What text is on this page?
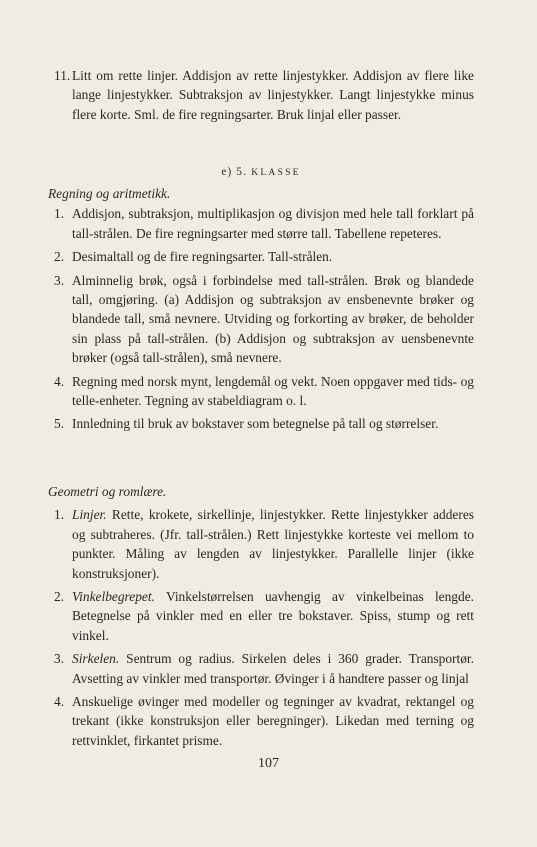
11. Litt om rette linjer. Addisjon av rette linjestykker. Addisjon av flere like lange linjestykker. Subtraksjon av linjestykker. Langt linjestykke minus flere korte. Sml. de fire regningsarter. Bruk linjal eller passer.
e) 5. KLASSE
Regning og aritmetikk.
1. Addisjon, subtraksjon, multiplikasjon og divisjon med hele tall forklart på tall-strålen. De fire regningsarter med større tall. Tabellene repeteres.
2. Desimaltall og de fire regningsarter. Tall-strålen.
3. Alminnelig brøk, også i forbindelse med tall-strålen. Brøk og blandede tall, omgjøring. (a) Addisjon og subtraksjon av ensbenevnte brøker og blandede tall, små nevnere. Utviding og forkorting av brøker, de beholder sin plass på tall-strålen. (b) Addisjon og subtraksjon av uensbenevnte brøker (også tall-strålen), små nevnere.
4. Regning med norsk mynt, lengdemål og vekt. Noen oppgaver med tids- og telle-enheter. Tegning av stabeldiagram o. l.
5. Innledning til bruk av bokstaver som betegnelse på tall og størrelser.
Geometri og romlære.
1. Linjer. Rette, krokete, sirkellinje, linjestykker. Rette linjestykker adderes og subtraheres. (Jfr. tall-strålen.) Rett linjestykke korteste vei mellom to punkter. Måling av lengden av linjestykker. Parallelle linjer (ikke konstruksjoner).
2. Vinkelbegrepet. Vinkelstørrelsen uavhengig av vinkelbeinas lengde. Betegnelse på vinkler med en eller tre bokstaver. Spiss, stump og rett vinkel.
3. Sirkelen. Sentrum og radius. Sirkelen deles i 360 grader. Transportør. Avsetting av vinkler med transportør. Øvinger i å handtere passer og linjal
4. Anskuelige øvinger med modeller og tegninger av kvadrat, rektangel og trekant (ikke konstruksjon eller beregninger). Likedan med terning og rettvinklet, firkantet prisme.
107
